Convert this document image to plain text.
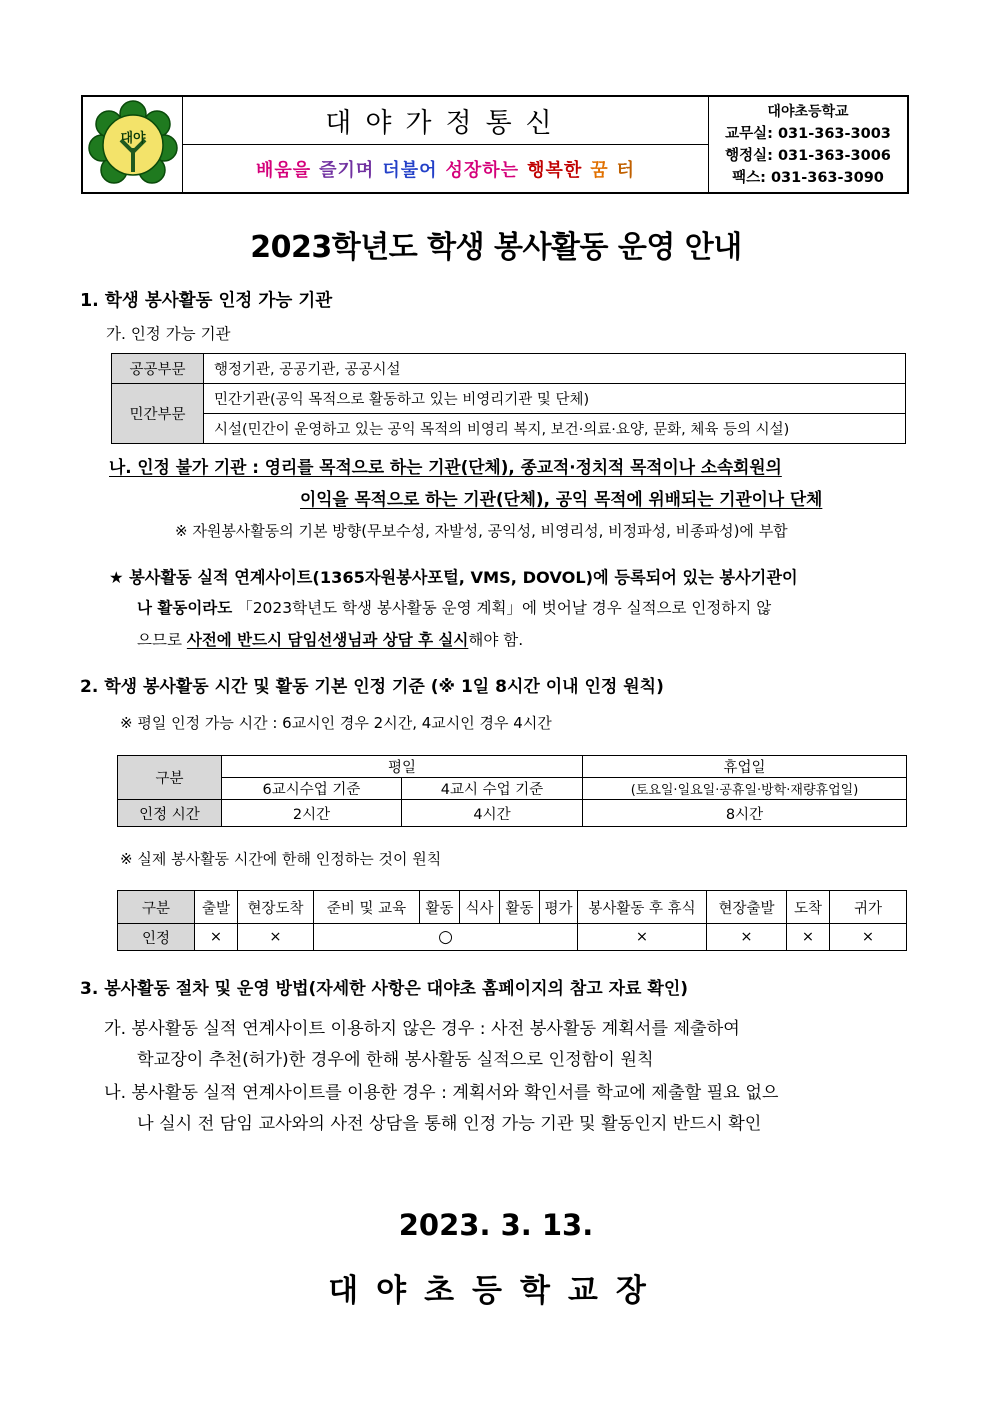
대야	대야가정통신
배움을 즐기며 더불어 성장하는 행복한 꿈 터
대야초등학교
교무실: 031-363-3003
행정실: 031-363-3006
팩스: 031-363-3090
2023학년도 학생 봉사활동 운영 안내
1. 학생 봉사활동 인정 가능 기관
가. 인정 가능 기관
공공부문	행정기관, 공공기관, 공공시설
민간부문	민간기관(공익 목적으로 활동하고 있는 비영리기관 및 단체)
	시설(민간이 운영하고 있는 공익 목적의 비영리 복지, 보건·의료·요양, 문화, 체육 등의 시설)
나. 인정 불가 기관 : 영리를 목적으로 하는 기관(단체), 종교적·정치적 목적이나 소속회원의
이익을 목적으로 하는 기관(단체), 공익 목적에 위배되는 기관이나 단체
※ 자원봉사활동의 기본 방향(무보수성, 자발성, 공익성, 비영리성, 비정파성, 비종파성)에 부합
★ 봉사활동 실적 연계사이트(1365자원봉사포털, VMS, DOVOL)에 등록되어 있는 봉사기관이
나 활동이라도 「2023학년도 학생 봉사활동 운영 계획」에 벗어날 경우 실적으로 인정하지 않
으므로 사전에 반드시 담임선생님과 상담 후 실시해야 함.
2. 학생 봉사활동 시간 및 활동 기본 인정 기준 (※ 1일 8시간 이내 인정 원칙)
※ 평일 인정 가능 시간 : 6교시인 경우 2시간, 4교시인 경우 4시간
구분	평일		휴업일
	6교시수업 기준	4교시 수업 기준	(토요일·일요일·공휴일·방학·재량휴업일)
인정 시간	2시간	4시간	8시간
※ 실제 봉사활동 시간에 한해 인정하는 것이 원칙
구분	출발	현장도착	준비 및 교육	활동	식사	활동	평가	봉사활동 후 휴식	현장출발	도착	귀가
인정	×	×	○					×	×	×	×
3. 봉사활동 절차 및 운영 방법(자세한 사항은 대야초 홈페이지의 참고 자료 확인)
가. 봉사활동 실적 연계사이트 이용하지 않은 경우 : 사전 봉사활동 계획서를 제출하여
학교장이 추천(허가)한 경우에 한해 봉사활동 실적으로 인정함이 원칙
나. 봉사활동 실적 연계사이트를 이용한 경우 : 계획서와 확인서를 학교에 제출할 필요 없으
나 실시 전 담임 교사와의 사전 상담을 통해 인정 가능 기관 및 활동인지 반드시 확인
2023. 3. 13.
대야초등학교장
